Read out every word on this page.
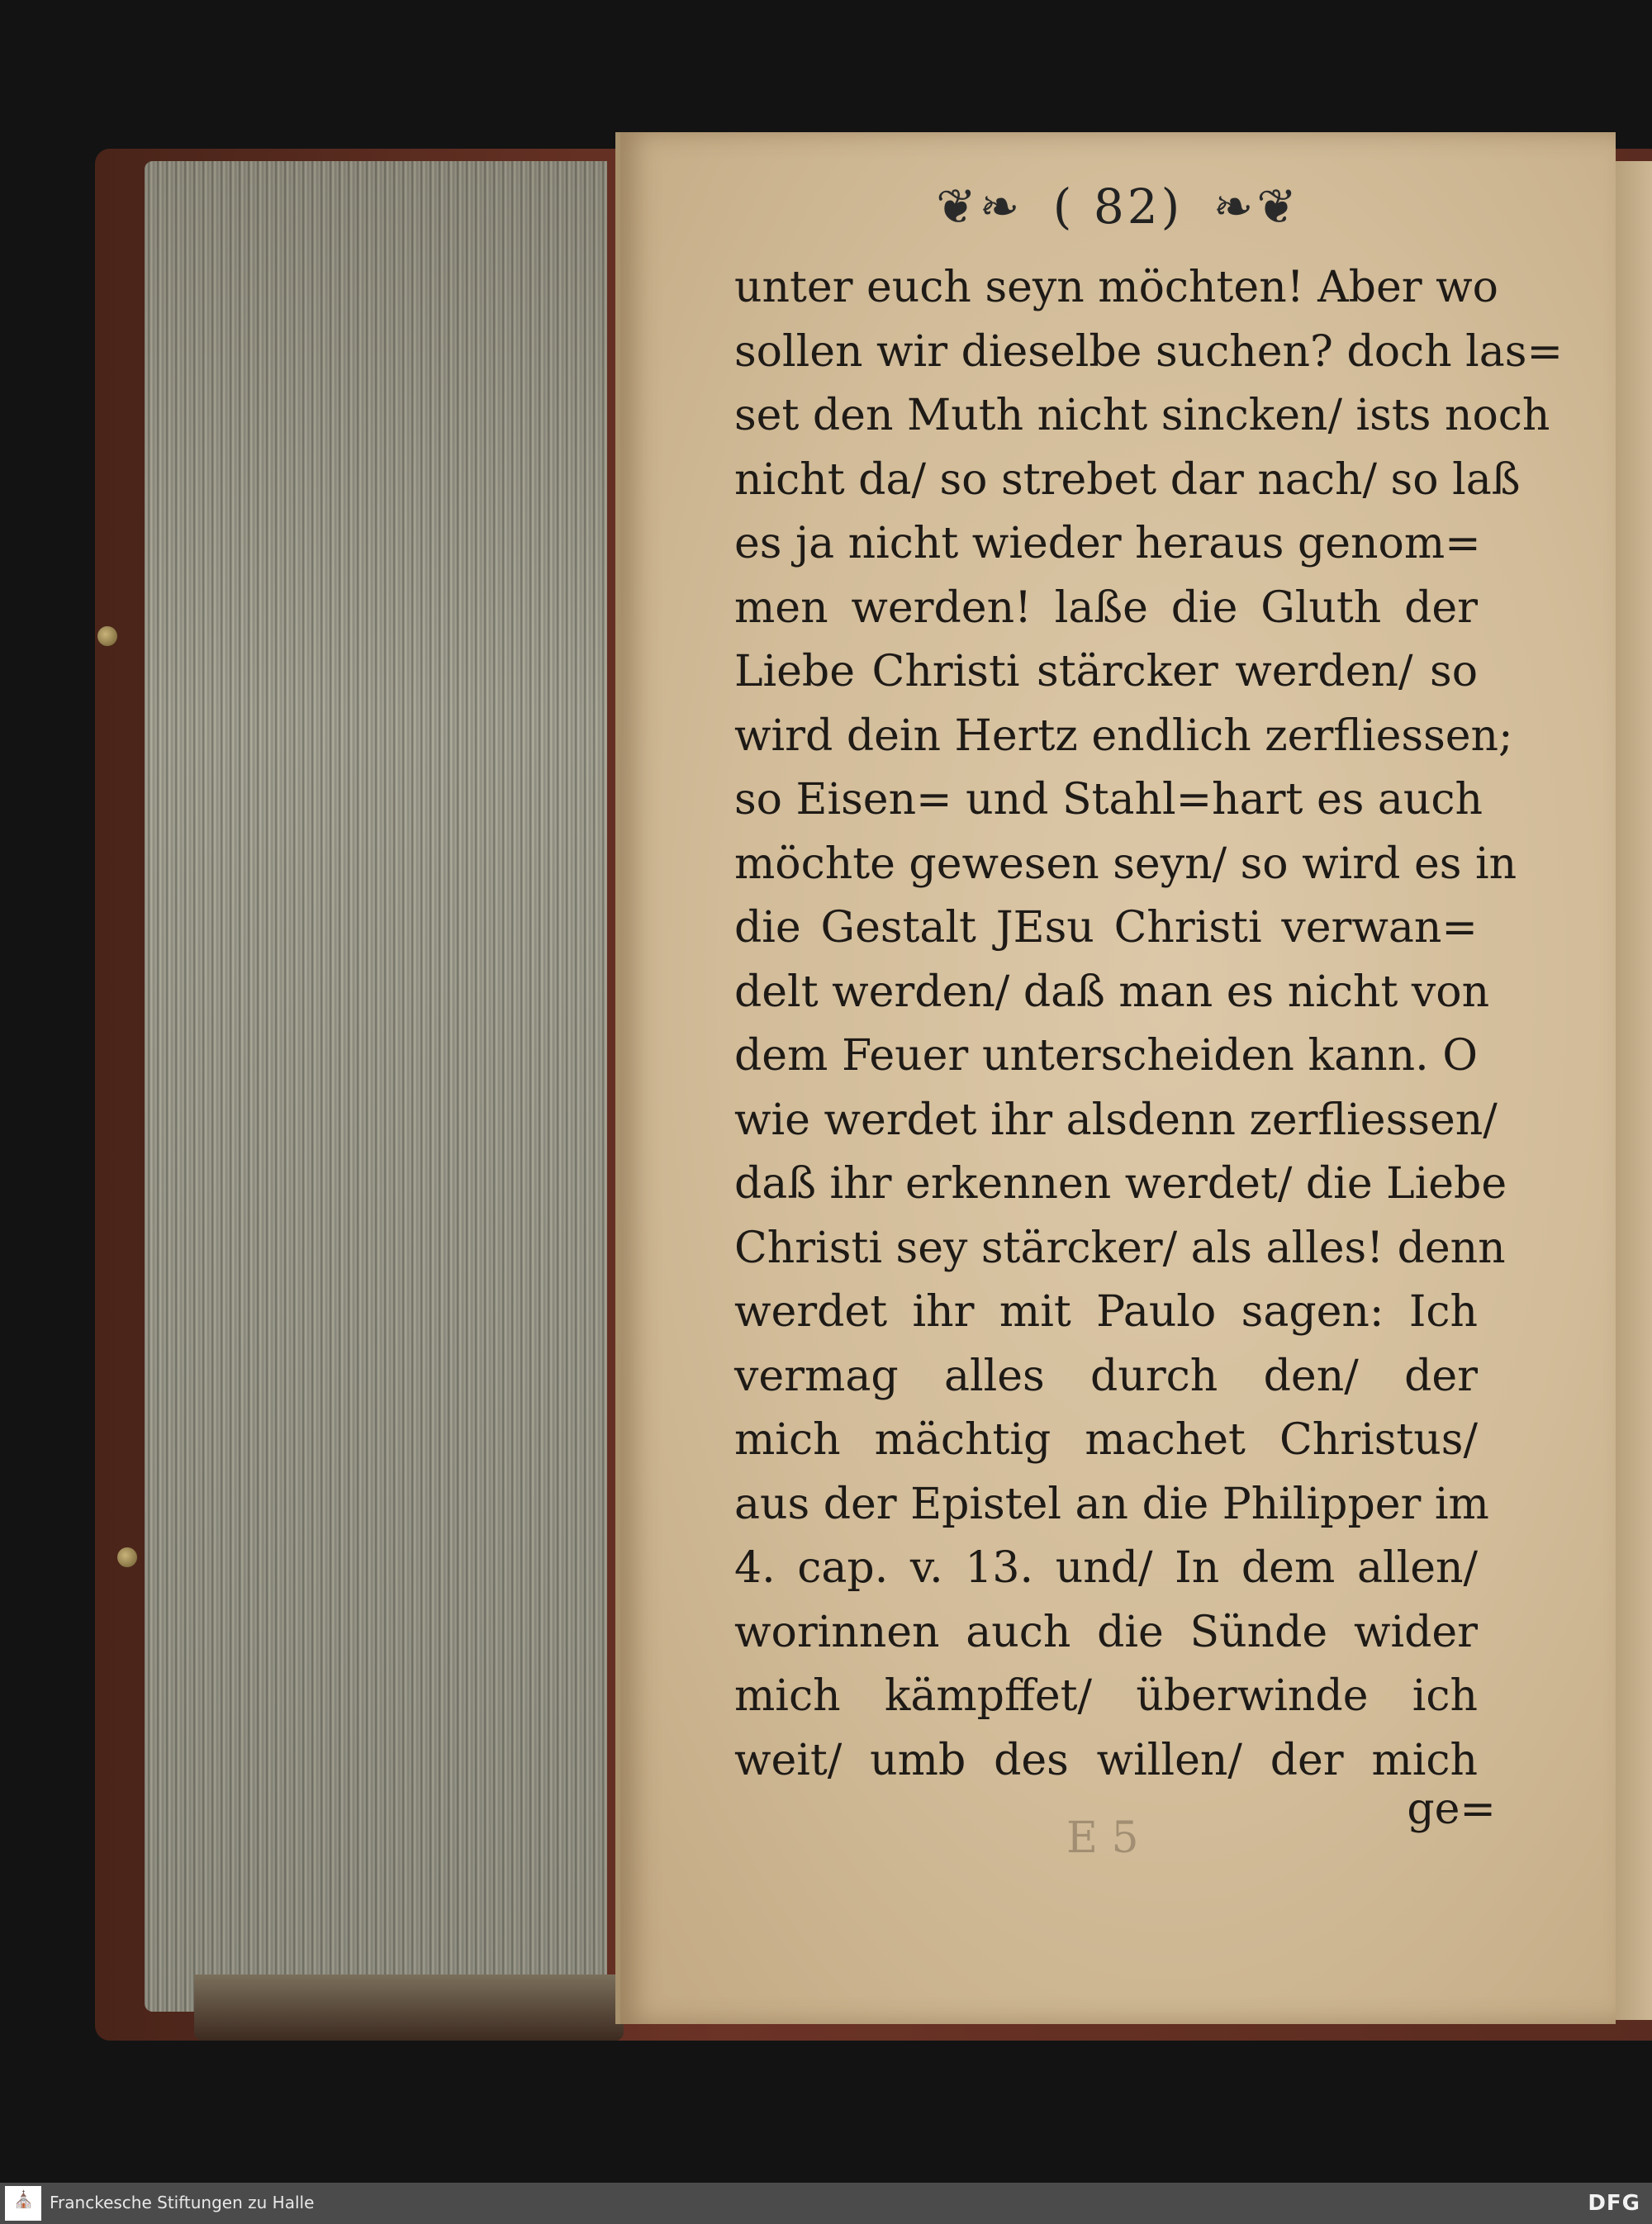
❦❧ ( 82) ❧❦
unter euch seyn möchten! Aber wo
sollen wir dieselbe suchen? doch las=
set den Muth nicht sincken/ ists noch
nicht da/ so strebet dar nach/ so laß
es ja nicht wieder heraus genom=
men werden! laße die Gluth der
Liebe Christi stärcker werden/ so
wird dein Hertz endlich zerfliessen;
so Eisen= und Stahl=hart es auch
möchte gewesen seyn/ so wird es in
die Gestalt JEsu Christi verwan=
delt werden/ daß man es nicht von
dem Feuer unterscheiden kann. O
wie werdet ihr alsdenn zerfliessen/
daß ihr erkennen werdet/ die Liebe
Christi sey stärcker/ als alles! denn
werdet ihr mit Paulo sagen: Ich
vermag alles durch den/ der
mich mächtig machet Christus/
aus der Epistel an die Philipper im
4. cap. v. 13. und/ In dem allen/
worinnen auch die Sünde wider
mich kämpffet/ überwinde ich
weit/ umb des willen/ der mich
ge=
E 5
⛪ Franckesche Stiftungen zu Halle	DFG
